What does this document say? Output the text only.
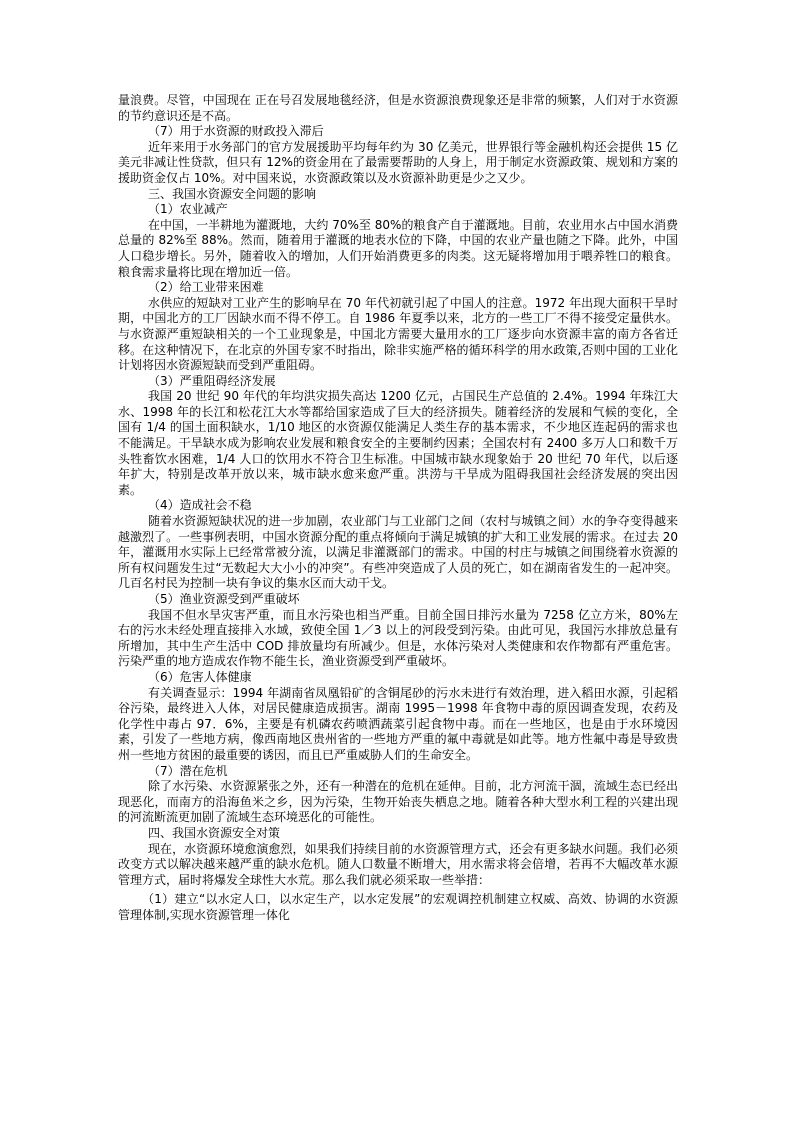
量浪费。尽管，中国现在 正在号召发展地毯经济，但是水资源浪费现象还是非常的频繁，人们对于水资源的节约意识还是不高。

（7）用于水资源的财政投入滞后

近年来用于水务部门的官方发展援助平均每年约为 30 亿美元，世界银行等金融机构还会提供 15 亿美元非减让性贷款，但只有 12%的资金用在了最需要帮助的人身上，用于制定水资源政策、规划和方案的援助资金仅占 10%。对中国来说，水资源政策以及水资源补助更是少之又少。

三、我国水资源安全问题的影响

（1）农业减产

在中国，一半耕地为灌溉地，大约 70%至 80%的粮食产自于灌溉地。目前，农业用水占中国水消费总量的 82%至 88%。然而，随着用于灌溉的地表水位的下降，中国的农业产量也随之下降。此外，中国人口稳步增长。另外，随着收入的增加，人们开始消费更多的肉类。这无疑将增加用于喂养牲口的粮食。粮食需求量将比现在增加近一倍。

（2）给工业带来困难

水供应的短缺对工业产生的影响早在 70 年代初就引起了中国人的注意。1972 年出现大面积干旱时期，中国北方的工厂因缺水而不得不停工。自 1986 年夏季以来，北方的一些工厂不得不接受定量供水。与水资源严重短缺相关的一个工业现象是，中国北方需要大量用水的工厂逐步向水资源丰富的南方各省迁移。在这种情况下，在北京的外国专家不时指出，除非实施严格的循环科学的用水政策,否则中国的工业化计划将因水资源短缺而受到严重阻碍。

（3）严重阻碍经济发展

我国 20 世纪 90 年代的年均洪灾损失高达 1200 亿元，占国民生产总值的 2.4%。1994 年珠江大水、1998 年的长江和松花江大水等都给国家造成了巨大的经济损失。随着经济的发展和气候的变化，全国有 1/4 的国土面积缺水，1/10 地区的水资源仅能满足人类生存的基本需求，不少地区连起码的需求也不能满足。干旱缺水成为影响农业发展和粮食安全的主要制约因素；全国农村有 2400 多万人口和数千万头牲畜饮水困难，1/4 人口的饮用水不符合卫生标准。中国城市缺水现象始于 20 世纪 70 年代，以后逐年扩大，特别是改革开放以来，城市缺水愈来愈严重。洪涝与干旱成为阻碍我国社会经济发展的突出因素。

（4）造成社会不稳

随着水资源短缺状况的进一步加剧，农业部门与工业部门之间（农村与城镇之间）水的争夺变得越来越激烈了。一些事例表明，中国水资源分配的重点将倾向于满足城镇的扩大和工业发展的需求。在过去 20 年，灌溉用水实际上已经常常被分流，以满足非灌溉部门的需求。中国的村庄与城镇之间围绕着水资源的所有权问题发生过“无数起大大小小的冲突”。有些冲突造成了人员的死亡，如在湖南省发生的一起冲突。几百名村民为控制一块有争议的集水区而大动干戈。

（5）渔业资源受到严重破坏

我国不但水旱灾害严重，而且水污染也相当严重。目前全国日排污水量为 7258 亿立方米，80%左右的污水未经处理直接排入水域，致使全国 1／3 以上的河段受到污染。由此可见，我国污水排放总量有所增加，其中生产生活中 COD 排放量均有所减少。但是，水体污染对人类健康和农作物都有严重危害。污染严重的地方造成农作物不能生长，渔业资源受到严重破坏。

（6）危害人体健康

有关调查显示：1994 年湖南省凤凰铅矿的含铜尾砂的污水未进行有效治理，进入稻田水源，引起稻谷污染，最终进入人体，对居民健康造成损害。湖南 1995－1998 年食物中毒的原因调查发现，农药及化学性中毒占 97．6%，主要是有机磷农药喷洒蔬菜引起食物中毒。而在一些地区，也是由于水环境因素，引发了一些地方病，像西南地区贵州省的一些地方严重的氟中毒就是如此等。地方性氟中毒是导致贵州一些地方贫困的最重要的诱因，而且已严重威胁人们的生命安全。

（7）潜在危机

除了水污染、水资源紧张之外，还有一种潜在的危机在延伸。目前，北方河流干涸，流域生态已经出现恶化，而南方的沿海鱼米之乡，因为污染，生物开始丧失栖息之地。随着各种大型水利工程的兴建出现的河流断流更加剧了流域生态环境恶化的可能性。

四、我国水资源安全对策

现在，水资源环境愈演愈烈，如果我们持续目前的水资源管理方式，还会有更多缺水问题。我们必须改变方式以解决越来越严重的缺水危机。随人口数量不断增大，用水需求将会倍增，若再不大幅改革水源管理方式，届时将爆发全球性大水荒。那么我们就必须采取一些举措：

（1）建立“以水定人口，以水定生产，以水定发展”的宏观调控机制建立权威、高效、协调的水资源管理体制,实现水资源管理一体化
